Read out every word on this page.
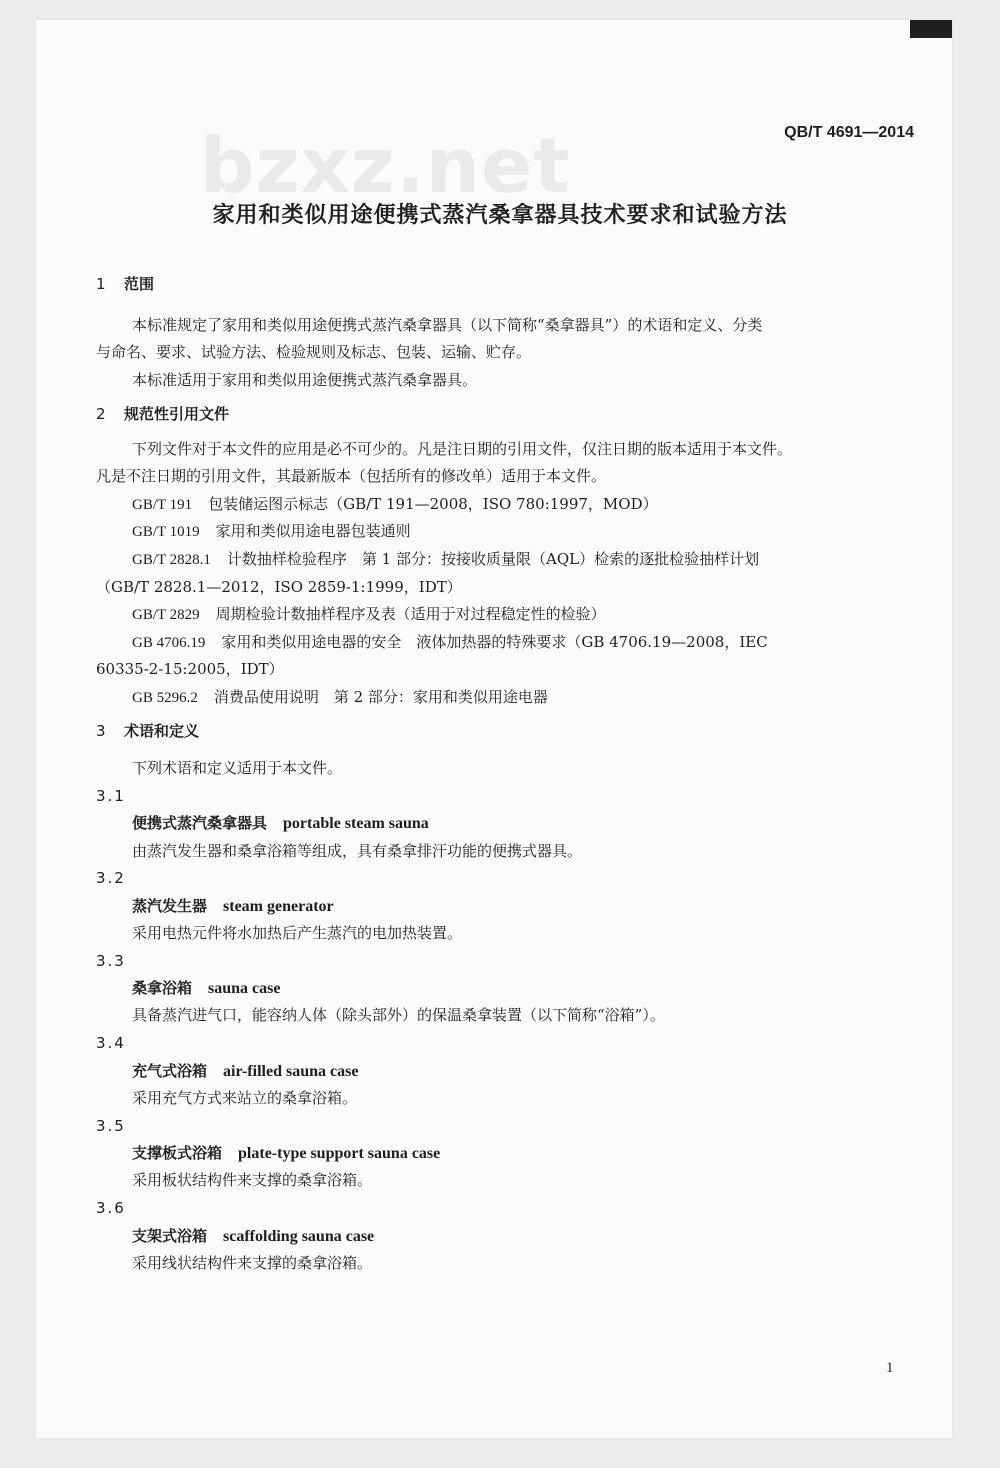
bzxz.net	QB/T 4691—2014
家用和类似用途便携式蒸汽桑拿器具技术要求和试验方法
1 范围
本标准规定了家用和类似用途便携式蒸汽桑拿器具（以下简称“桑拿器具”）的术语和定义、分类
与命名、要求、试验方法、检验规则及标志、包装、运输、贮存。
本标准适用于家用和类似用途便携式蒸汽桑拿器具。
2 规范性引用文件
下列文件对于本文件的应用是必不可少的。凡是注日期的引用文件，仅注日期的版本适用于本文件。
凡是不注日期的引用文件，其最新版本（包括所有的修改单）适用于本文件。
GB/T 191 包装储运图示标志（GB/T 191—2008，ISO 780:1997，MOD）
GB/T 1019 家用和类似用途电器包装通则
GB/T 2828.1 计数抽样检验程序　第 1 部分：按接收质量限（AQL）检索的逐批检验抽样计划
（GB/T 2828.1—2012，ISO 2859-1:1999，IDT）
GB/T 2829 周期检验计数抽样程序及表（适用于对过程稳定性的检验）
GB 4706.19 家用和类似用途电器的安全　液体加热器的特殊要求（GB 4706.19—2008，IEC
60335-2-15:2005，IDT）
GB 5296.2 消费品使用说明　第 2 部分：家用和类似用途电器
3 术语和定义
下列术语和定义适用于本文件。
3.1
便携式蒸汽桑拿器具 portable steam sauna
由蒸汽发生器和桑拿浴箱等组成，具有桑拿排汗功能的便携式器具。
3.2
蒸汽发生器 steam generator
采用电热元件将水加热后产生蒸汽的电加热装置。
3.3
桑拿浴箱 sauna case
具备蒸汽进气口，能容纳人体（除头部外）的保温桑拿装置（以下简称“浴箱”）。
3.4
充气式浴箱 air-filled sauna case
采用充气方式来站立的桑拿浴箱。
3.5
支撑板式浴箱 plate-type support sauna case
采用板状结构件来支撑的桑拿浴箱。
3.6
支架式浴箱 scaffolding sauna case
采用线状结构件来支撑的桑拿浴箱。
1
